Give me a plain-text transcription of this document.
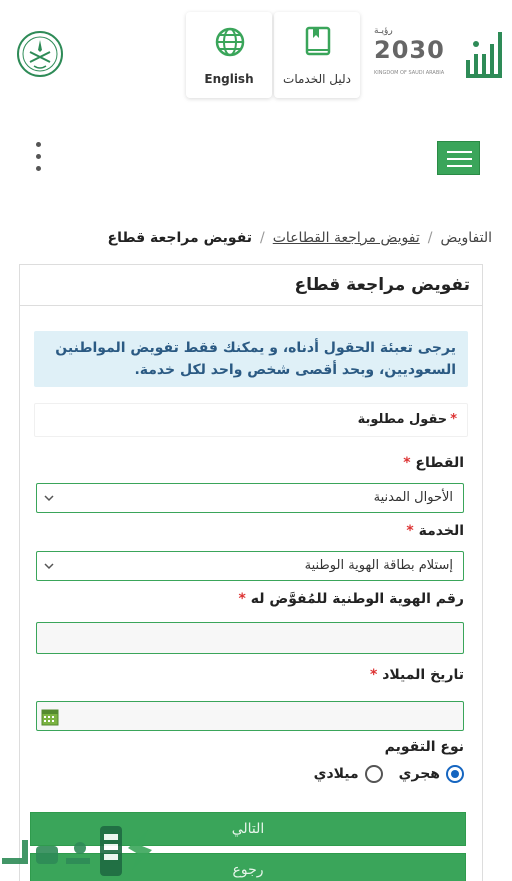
رؤيـة
2030
KINGDOM OF SAUDI ARABIA
دليل الخدمات
English
التفاويض/تفويض مراجعة القطاعات/تفويض مراجعة قطاع
تفويض مراجعة قطاع

يرجى تعبئة الحقول أدناه، و يمكنك فقط تفويض المواطنين السعوديين، وبحد أقصى شخص واحد لكل خدمة.

*حقول مطلوبة
القطاع *
الأحوال المدنية
الخدمة *
إستلام بطاقة الهوية الوطنية
رقم الهوية الوطنية للمُفوَّض له *
تاريخ الميلاد *
نوع التقويم
هجريميلادي
التالي
رجوع
